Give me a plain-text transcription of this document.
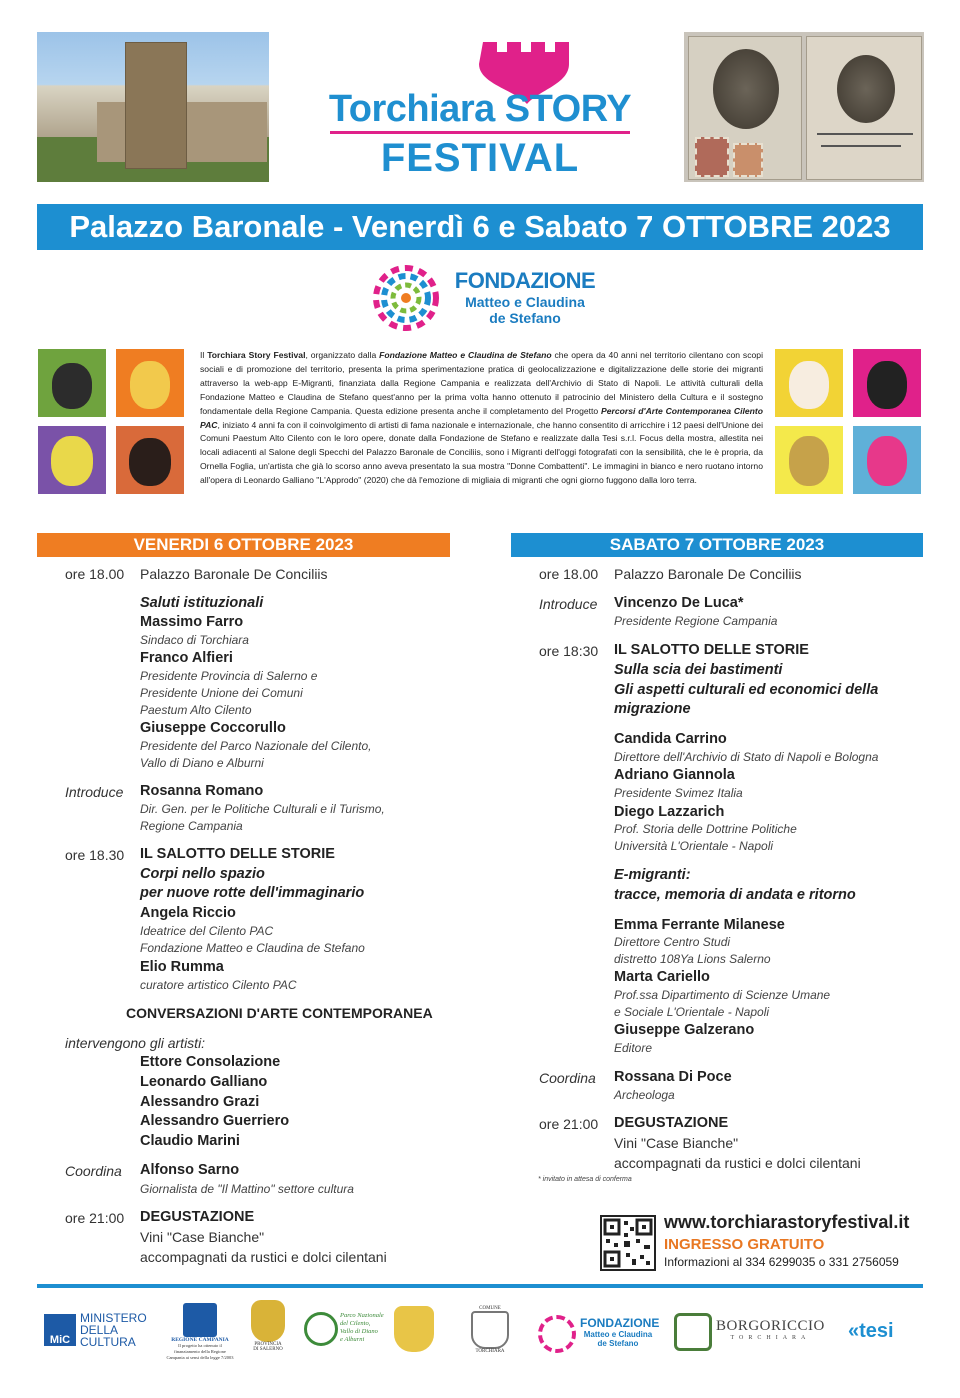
Torchiara STORY
FESTIVAL
Palazzo Baronale - Venerdì 6 e Sabato 7 OTTOBRE 2023
FONDAZIONE
Matteo e Claudina
de Stefano
Il Torchiara Story Festival, organizzato dalla Fondazione Matteo e Claudina de Stefano che opera da 40 anni nel territorio cilentano con scopi sociali e di promozione del territorio, presenta la prima sperimentazione pratica di geolocalizzazione e digitalizzazione delle storie dei migranti attraverso la web-app E-Migranti, finanziata dalla Regione Campania e realizzata dell'Archivio di Stato di Napoli. Le attività culturali della Fondazione Matteo e Claudina de Stefano quest'anno per la prima volta hanno ottenuto il patrocinio del Ministero della Cultura e il sostegno fondamentale della Regione Campania. Questa edizione presenta anche il completamento del Progetto Percorsi d'Arte Contemporanea Cilento PAC, iniziato 4 anni fa con il coinvolgimento di artisti di fama nazionale e internazionale, che hanno consentito di arricchire i 12 paesi dell'Unione dei Comuni Paestum Alto Cilento con le loro opere, donate dalla Fondazione de Stefano e realizzate dalla Tesi s.r.l. Focus della mostra, allestita nei locali adiacenti al Salone degli Specchi del Palazzo Baronale de Conciliis, sono i Migranti dell'oggi fotografati con la sensibilità, che le è propria, da Ornella Foglia, un'artista che già lo scorso anno aveva presentato la sua mostra "Donne Combattenti". Le immagini in bianco e nero ruotano intorno all'opera di Leonardo Galliano "L'Approdo" (2020) che dà l'emozione di migliaia di migranti che ogni giorno fuggono dalla loro terra.
VENERDI 6 OTTOBRE 2023
ore 18.00 Palazzo Baronale De Conciliis
Saluti istituzionali
Massimo Farro
Sindaco di Torchiara
Franco Alfieri
Presidente Provincia di Salerno e
Presidente Unione dei Comuni
Paestum Alto Cilento
Giuseppe Coccorullo
Presidente del Parco Nazionale del Cilento,
Vallo di Diano e Alburni
Introduce Rosanna Romano
Dir. Gen. per le Politiche Culturali e il Turismo,
Regione Campania
ore 18.30 IL SALOTTO DELLE STORIE
Corpi nello spazio
per nuove rotte dell'immaginario
Angela Riccio
Ideatrice del Cilento PAC
Fondazione Matteo e Claudina de Stefano
Elio Rumma
curatore artistico Cilento PAC
CONVERSAZIONI D'ARTE CONTEMPORANEA
intervengono gli artisti:
Ettore Consolazione
Leonardo Galliano
Alessandro Grazi
Alessandro Guerriero
Claudio Marini
Coordina Alfonso Sarno
Giornalista de "Il Mattino" settore cultura
ore 21:00 DEGUSTAZIONE
Vini "Case Bianche"
accompagnati da rustici e dolci cilentani
SABATO 7 OTTOBRE 2023
ore 18.00 Palazzo Baronale De Conciliis
Introduce Vincenzo De Luca*
Presidente Regione Campania
ore 18:30 IL SALOTTO DELLE STORIE
Sulla scia dei bastimenti
Gli aspetti culturali ed economici della
migrazione
Candida Carrino
Direttore dell'Archivio di Stato di Napoli e Bologna
Adriano Giannola
Presidente Svimez Italia
Diego Lazzarich
Prof. Storia delle Dottrine Politiche
Università L'Orientale - Napoli
E-migranti:
tracce, memoria di andata e ritorno
Emma Ferrante Milanese
Direttore Centro Studi
distretto 108Ya Lions Salerno
Marta Cariello
Prof.ssa Dipartimento di Scienze Umane
e Sociale L'Orientale - Napoli
Giuseppe Galzerano
Editore
Coordina Rossana Di Poce
Archeologa
ore 21:00 DEGUSTAZIONE
Vini "Case Bianche"
accompagnati da rustici e dolci cilentani
* invitato in attesa di conferma
www.torchiarastoryfestival.it
INGRESSO GRATUITO
Informazioni al 334 6299035 o 331 2756059
MiC
MINISTERO
DELLA
CULTURA	REGIONE CAMPANIA
Il progetto ha ottenuto il
finanziamento della Regione
Campania ai sensi della legge 7/2003
PROVINCIA
DI SALERNO
Parco Nazionale
del Cilento,
Vallo di Diano
e Alburni
COMUNE
TORCHIARA
FONDAZIONE
Matteo e Claudina
de Stefano
BORGORICCIO
TORCHIARA	«tesi
